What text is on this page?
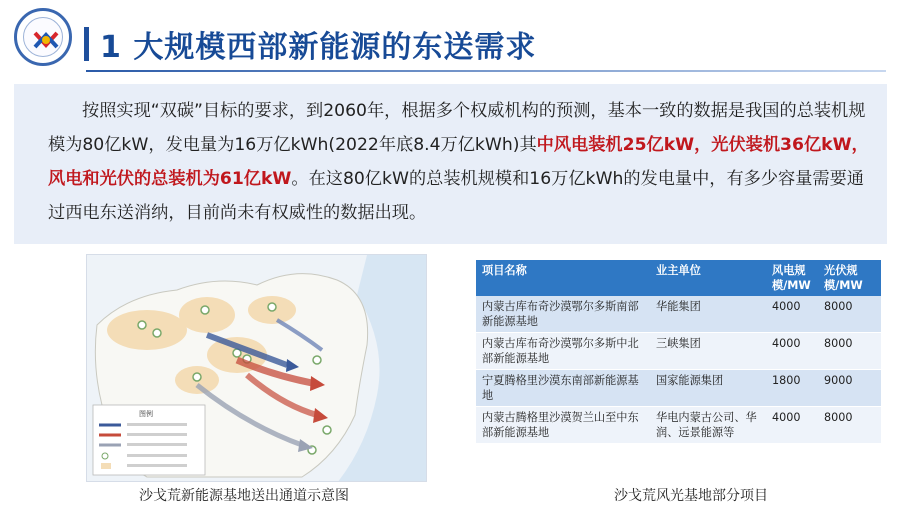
1 大规模西部新能源的东送需求

按照实现“双碳”目标的要求，到2060年，根据多个权威机构的预测，基本一致的数据是我国的总装机规模为80亿kW，发电量为16万亿kWh(2022年底8.4万亿kWh)其中风电装机25亿kW，光伏装机36亿kW，风电和光伏的总装机为61亿kW。在这80亿kW的总装机规模和16万亿kWh的发电量中，有多少容量需要通过西电东送消纳，目前尚未有权威性的数据出现。

图例
沙戈荒新能源基地送出通道示意图
项目名称	业主单位	风电规模/MW	光伏规模/MW
内蒙古库布奇沙漠鄂尔多斯南部新能源基地	华能集团	4000	8000
内蒙古库布奇沙漠鄂尔多斯中北部新能源基地	三峡集团	4000	8000
宁夏腾格里沙漠东南部新能源基地	国家能源集团	1800	9000
内蒙古腾格里沙漠贺兰山至中东部新能源基地	华电内蒙古公司、华润、远景能源等	4000	8000
沙戈荒风光基地部分项目
